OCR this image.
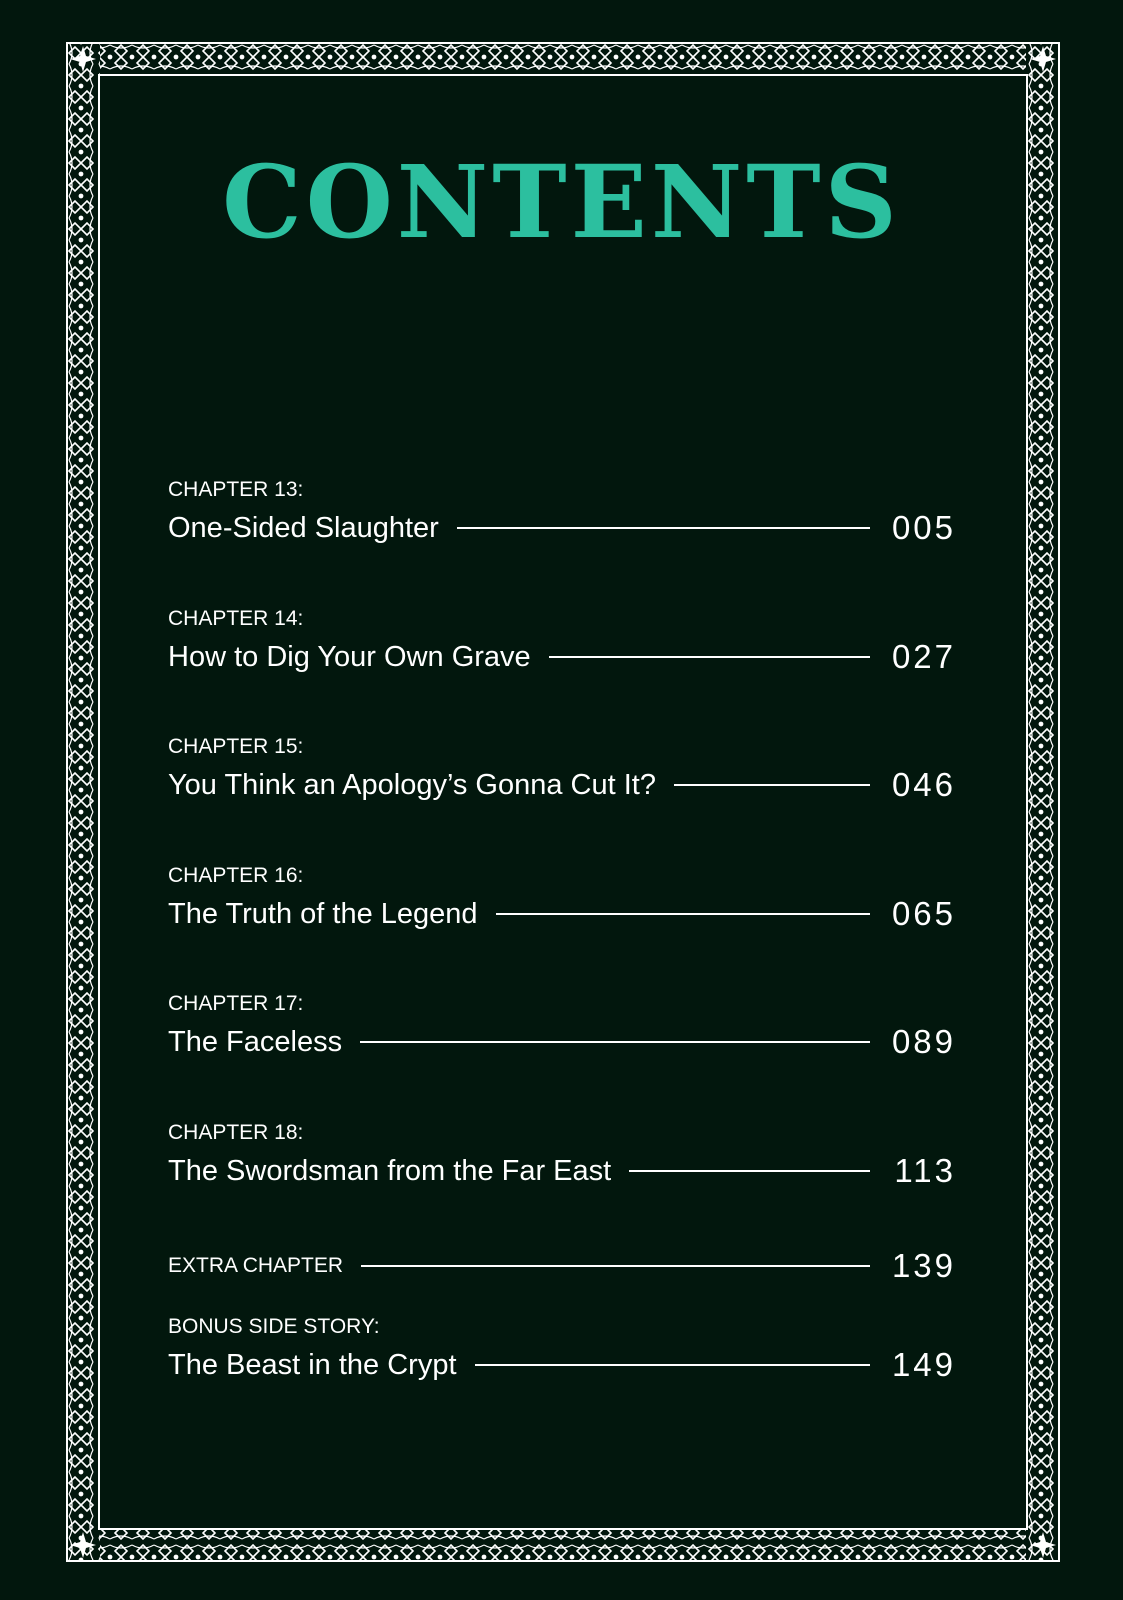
CONTENTS
CHAPTER 13:
One-Sided Slaughter	005
CHAPTER 14:
How to Dig Your Own Grave	027
CHAPTER 15:
You Think an Apology’s Gonna Cut It?	046
CHAPTER 16:
The Truth of the Legend	065
CHAPTER 17:
The Faceless	089
CHAPTER 18:
The Swordsman from the Far East	113
EXTRA CHAPTER	139
BONUS SIDE STORY:
The Beast in the Crypt	149
